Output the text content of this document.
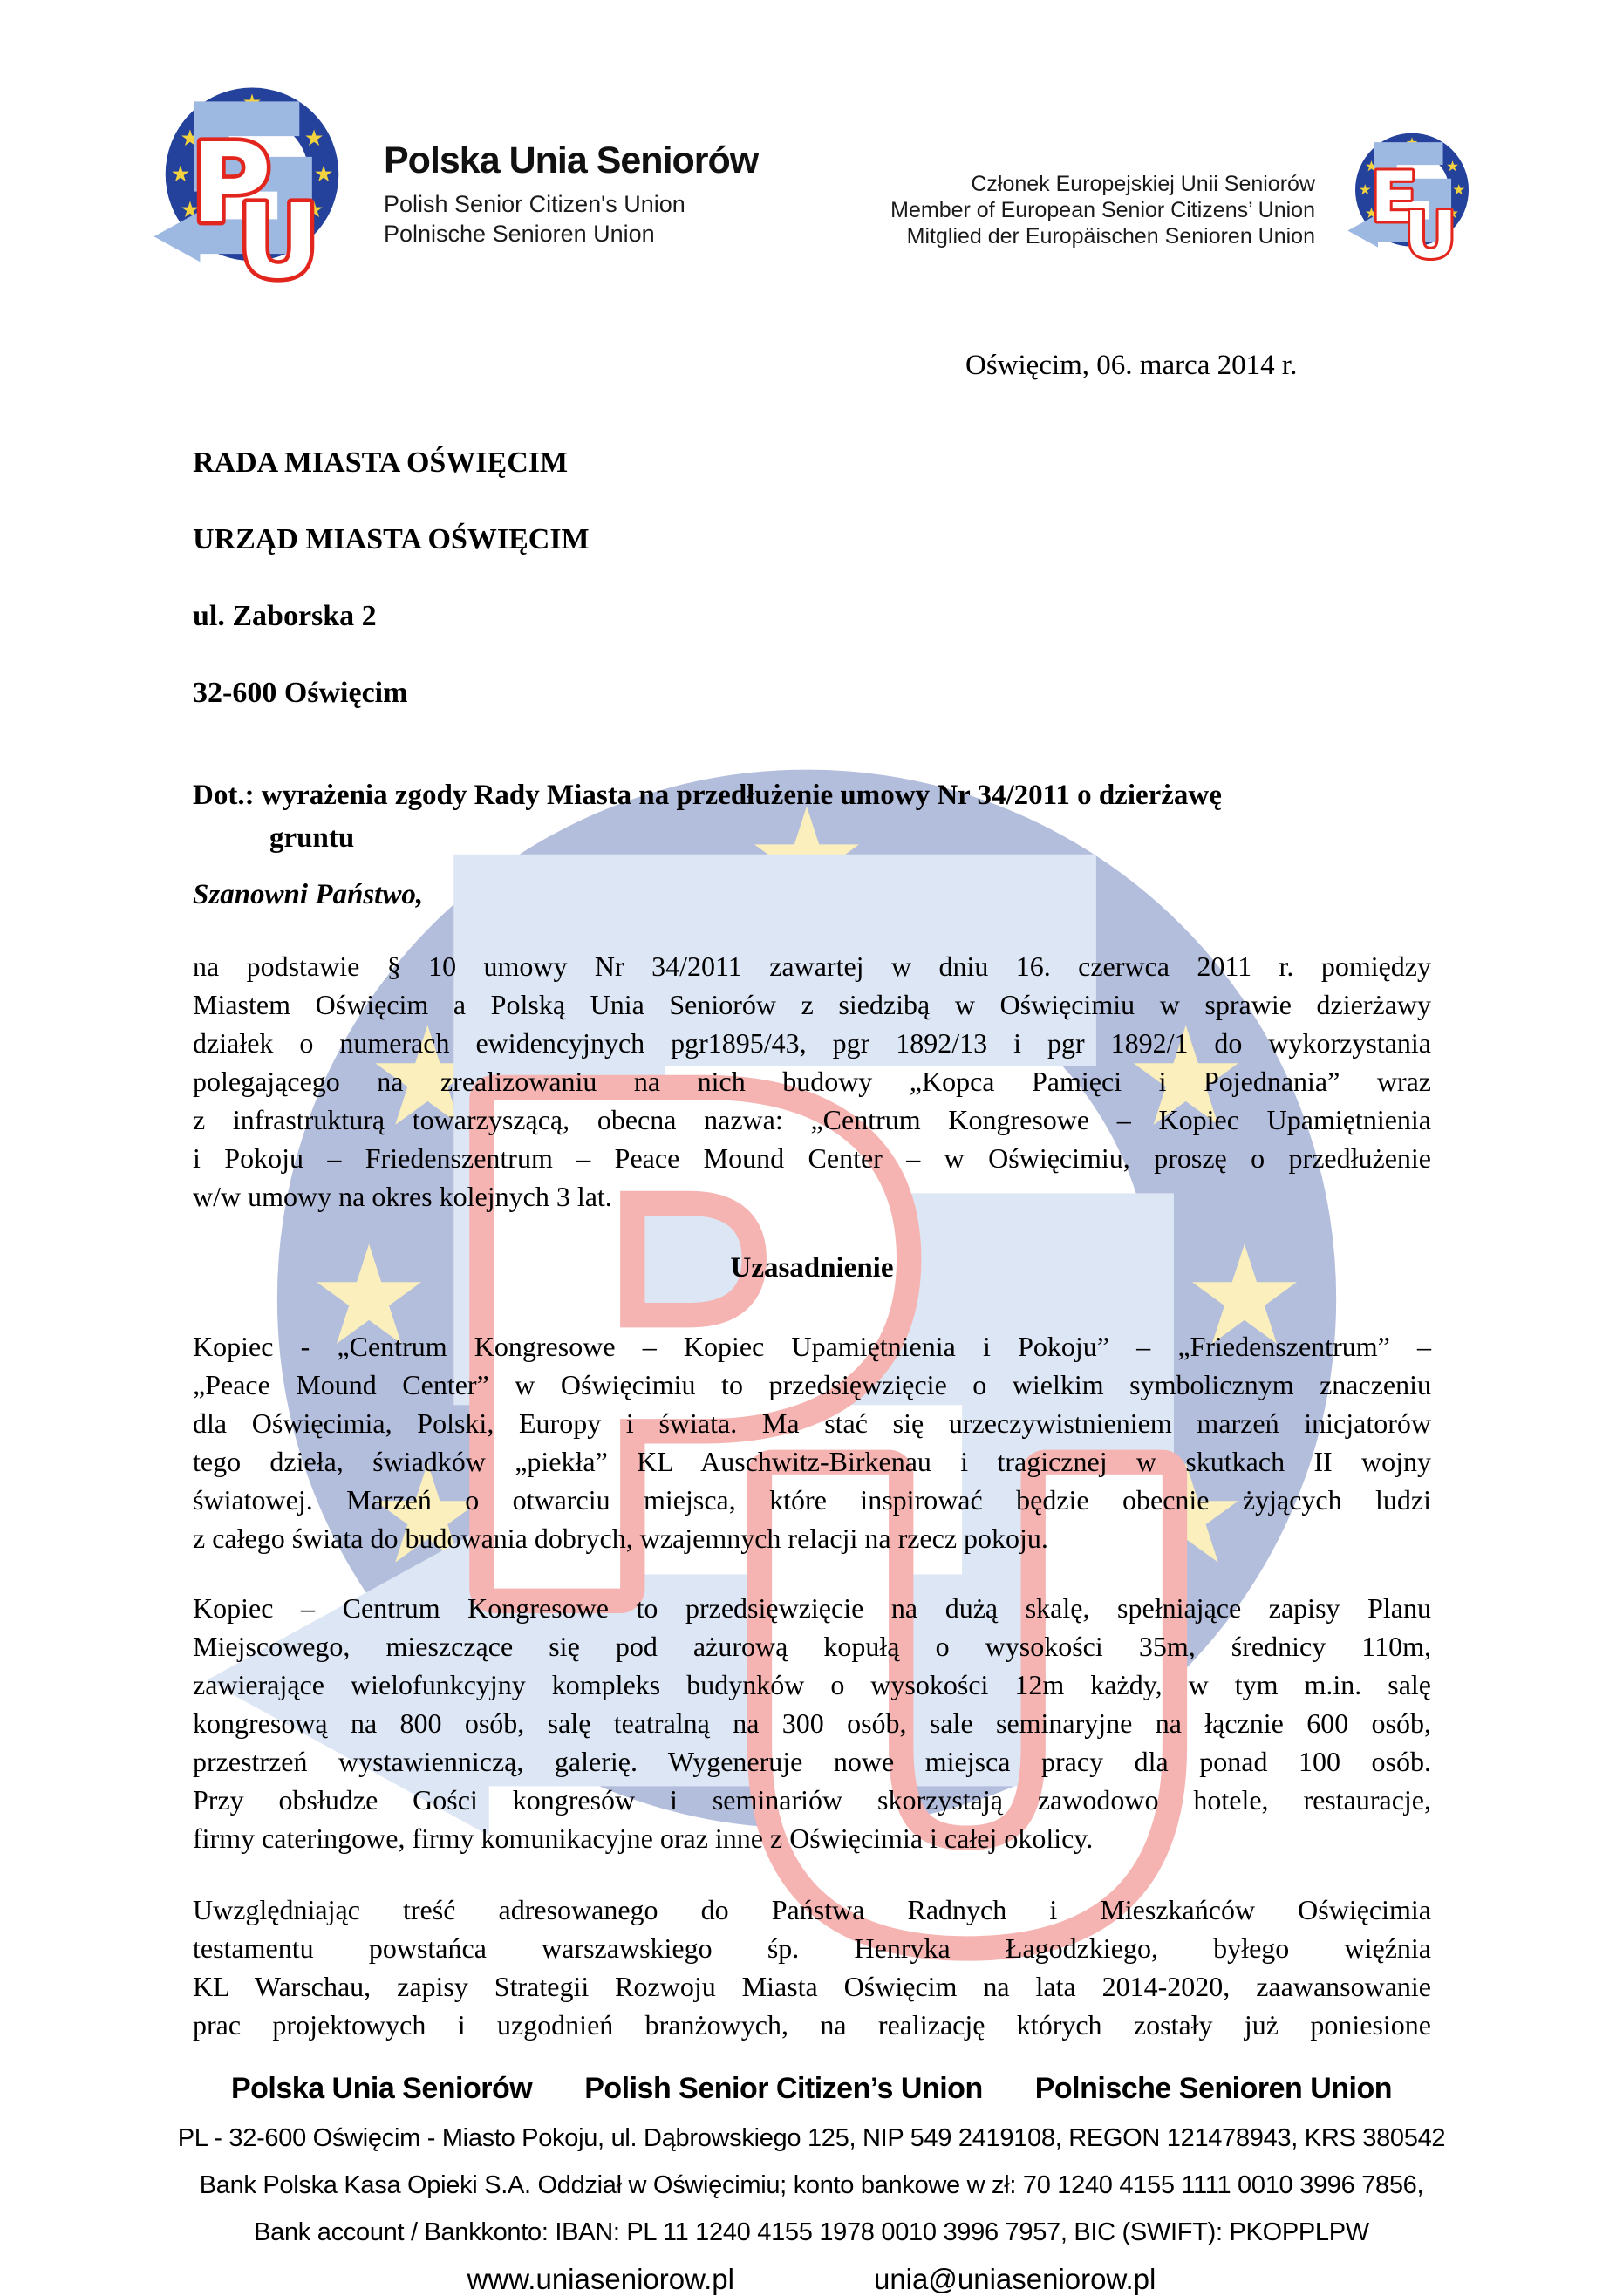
Polska Unia Seniorów
Polish Senior Citizen's Union
Polnische Senioren Union
Członek Europejskiej Unii Seniorów
Member of European Senior Citizens’ Union
Mitglied der Europäischen Senioren Union
Oświęcim, 06. marca 2014 r.
RADA MIASTA OŚWIĘCIM
URZĄD MIASTA OŚWIĘCIM
ul. Zaborska 2
32-600 Oświęcim
Dot.: wyrażenia zgody Rady Miasta na przedłużenie umowy Nr 34/2011 o dzierżawę
gruntu
Szanowni Państwo,
na podstawie § 10 umowy Nr 34/2011 zawartej w dniu 16. czerwca 2011 r. pomiędzy
Miastem Oświęcim a Polską Unia Seniorów z siedzibą w Oświęcimiu w sprawie dzierżawy
działek o numerach ewidencyjnych pgr1895/43, pgr 1892/13 i pgr 1892/1 do wykorzystania
polegającego na zrealizowaniu na nich budowy „Kopca Pamięci i Pojednania” wraz
z infrastrukturą towarzyszącą, obecna nazwa: „Centrum Kongresowe – Kopiec Upamiętnienia
i Pokoju – Friedenszentrum – Peace Mound Center – w Oświęcimiu, proszę o przedłużenie
w/w umowy na okres kolejnych 3 lat.
Uzasadnienie
Kopiec - „Centrum Kongresowe – Kopiec Upamiętnienia i Pokoju” – „Friedenszentrum” –
„Peace Mound Center” w Oświęcimiu to przedsięwzięcie o wielkim symbolicznym znaczeniu
dla Oświęcimia, Polski, Europy i świata. Ma stać się urzeczywistnieniem marzeń inicjatorów
tego dzieła, świadków „piekła” KL Auschwitz-Birkenau i tragicznej w skutkach II wojny
światowej. Marzeń o otwarciu miejsca, które inspirować będzie obecnie żyjących ludzi
z całego świata do budowania dobrych, wzajemnych relacji na rzecz pokoju.
Kopiec – Centrum Kongresowe to przedsięwzięcie na dużą skalę, spełniające zapisy Planu
Miejscowego, mieszczące się pod ażurową kopułą o wysokości 35m, średnicy 110m,
zawierające wielofunkcyjny kompleks budynków o wysokości 12m każdy, w tym m.in. salę
kongresową na 800 osób, salę teatralną na 300 osób, sale seminaryjne na łącznie 600 osób,
przestrzeń wystawienniczą, galerię. Wygeneruje nowe miejsca pracy dla ponad 100 osób.
Przy obsłudze Gości kongresów i seminariów skorzystają zawodowo hotele, restauracje,
firmy cateringowe, firmy komunikacyjne oraz inne z Oświęcimia i całej okolicy.
Uwzględniając treść adresowanego do Państwa Radnych i Mieszkańców Oświęcimia
testamentu powstańca warszawskiego śp. Henryka Łagodzkiego, byłego więźnia
KL Warschau, zapisy Strategii Rozwoju Miasta Oświęcim na lata 2014-2020, zaawansowanie
prac projektowych i uzgodnień branżowych, na realizację których zostały już poniesione
Polska Unia Seniorów Polish Senior Citizen’s Union Polnische Senioren Union
PL - 32-600 Oświęcim - Miasto Pokoju, ul. Dąbrowskiego 125, NIP 549 2419108, REGON 121478943, KRS 380542
Bank Polska Kasa Opieki S.A. Oddział w Oświęcimiu; konto bankowe w zł: 70 1240 4155 1111 0010 3996 7856,
Bank account / Bankkonto: IBAN: PL 11 1240 4155 1978 0010 3996 7957, BIC (SWIFT): PKOPPLPW
www.uniaseniorow.pl	unia@uniaseniorow.pl
